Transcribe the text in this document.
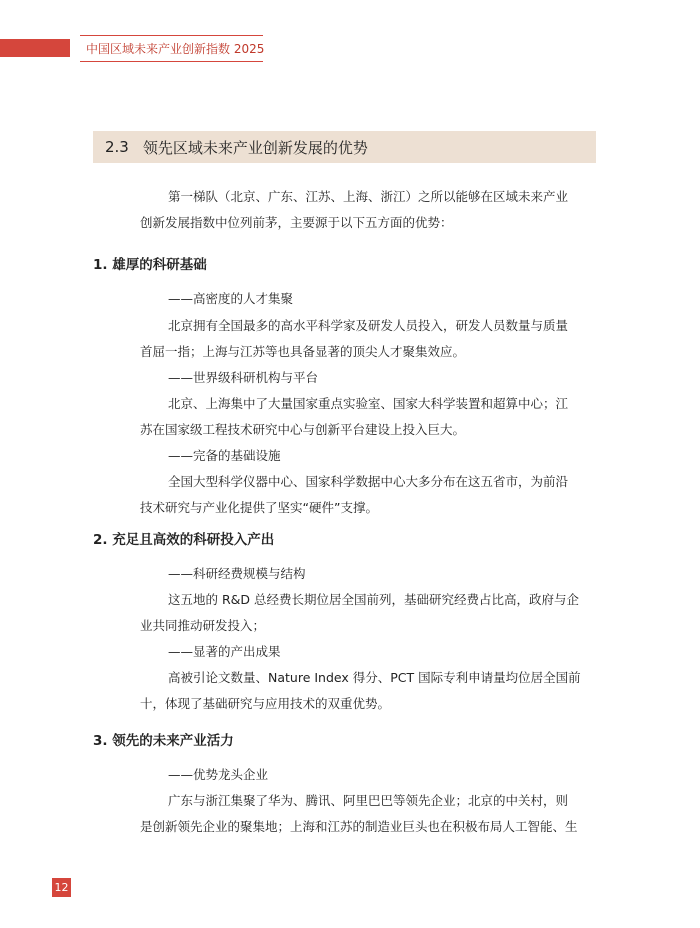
中国区域未来产业创新指数 2025
2.3 领先区域未来产业创新发展的优势
第一梯队（北京、广东、江苏、上海、浙江）之所以能够在区域未来产业
创新发展指数中位列前茅，主要源于以下五方面的优势：
1. 雄厚的科研基础
——高密度的人才集聚
北京拥有全国最多的高水平科学家及研发人员投入，研发人员数量与质量
首屈一指；上海与江苏等也具备显著的顶尖人才聚集效应。
——世界级科研机构与平台
北京、上海集中了大量国家重点实验室、国家大科学装置和超算中心；江
苏在国家级工程技术研究中心与创新平台建设上投入巨大。
——完备的基础设施
全国大型科学仪器中心、国家科学数据中心大多分布在这五省市，为前沿
技术研究与产业化提供了坚实“硬件”支撑。
2. 充足且高效的科研投入产出
——科研经费规模与结构
这五地的 R&D 总经费长期位居全国前列，基础研究经费占比高，政府与企
业共同推动研发投入；
——显著的产出成果
高被引论文数量、Nature Index 得分、PCT 国际专利申请量均位居全国前
十，体现了基础研究与应用技术的双重优势。
3. 领先的未来产业活力
——优势龙头企业
广东与浙江集聚了华为、腾讯、阿里巴巴等领先企业；北京的中关村，则
是创新领先企业的聚集地；上海和江苏的制造业巨头也在积极布局人工智能、生
12
